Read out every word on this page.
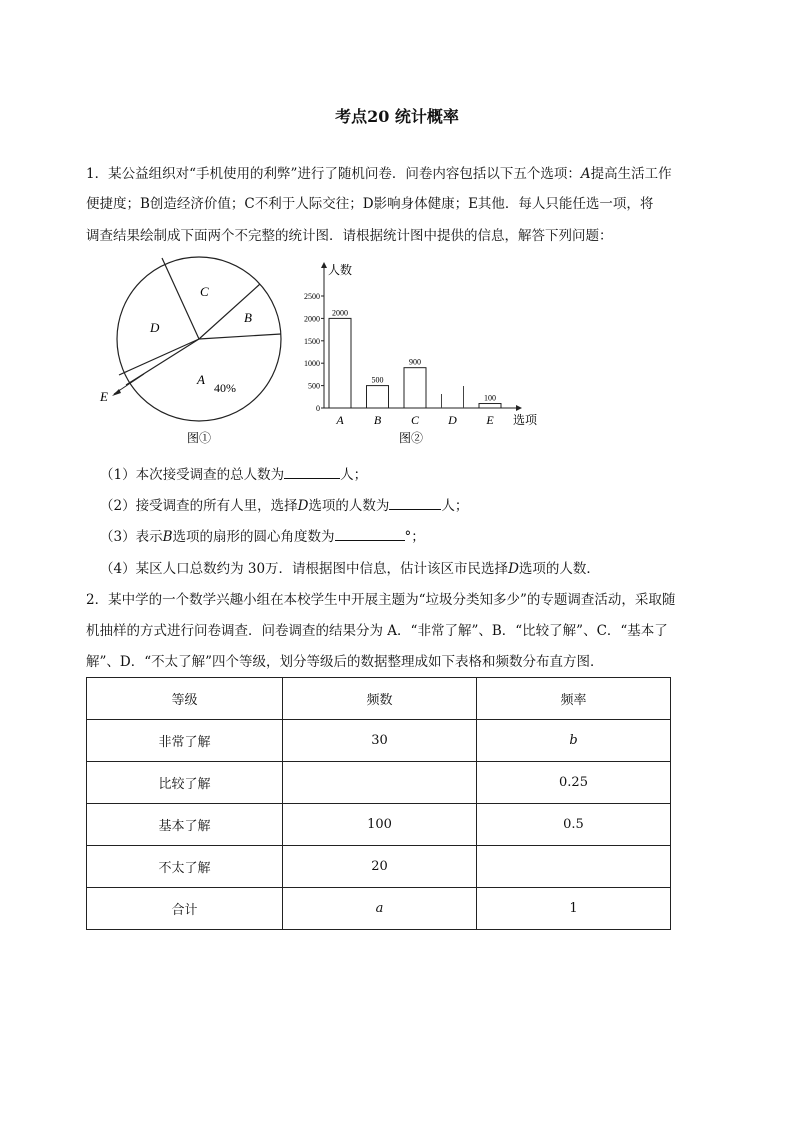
考点20 统计概率
1．某公益组织对“手机使用的利弊”进行了随机问卷．问卷内容包括以下五个选项：A提高生活工作
便捷度；B创造经济价值；C不利于人际交往；D影响身体健康；E其他．每人只能任选一项，将
调查结果绘制成下面两个不完整的统计图．请根据统计图中提供的信息，解答下列问题：
C
B
D
A
40%
E
图①
0
500
1000
1500
2000
2500
2000
A
500
B
900
C D
100
E
图②
人数
选项
（1）本次接受调查的总人数为	人；
（2）接受调查的所有人里，选择D选项的人数为	人；
（3）表示B选项的扇形的圆心角度数为	°；
（4）某区人口总数约为 30万．请根据图中信息，估计该区市民选择D选项的人数．
2．某中学的一个数学兴趣小组在本校学生中开展主题为“垃圾分类知多少”的专题调查活动，采取随
机抽样的方式进行问卷调查．问卷调查的结果分为 A．“非常了解”、B．“比较了解”、C．“基本了
解”、D．“不太了解”四个等级，划分等级后的数据整理成如下表格和频数分布直方图．
等级	频数	频率
非常了解	30	b
比较了解		0.25
基本了解	100	0.5
不太了解	20	
合计	a	1
